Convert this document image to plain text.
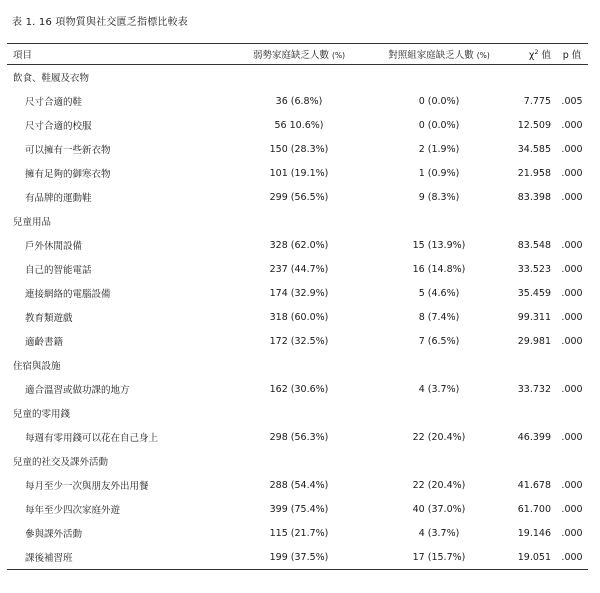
表 1. 16 項物質與社交匱乏指標比較表
項目	弱勢家庭缺乏人數 (%)	對照組家庭缺乏人數 (%)	$\chi^2$ 值	p 值
飲食、鞋履及衣物
尺寸合適的鞋	36 (6.8%)	0 (0.0%)	7.775	.005
尺寸合適的校服	56 10.6%)	0 (0.0%)	12.509	.000
可以擁有一些新衣物	150 (28.3%)	2 (1.9%)	34.585	.000
擁有足夠的御寒衣物	101 (19.1%)	1 (0.9%)	21.958	.000
有品牌的運動鞋	299 (56.5%)	9 (8.3%)	83.398	.000
兒童用品
戶外休閒設備	328 (62.0%)	15 (13.9%)	83.548	.000
自己的智能電話	237 (44.7%)	16 (14.8%)	33.523	.000
連接網絡的電腦設備	174 (32.9%)	5 (4.6%)	35.459	.000
教育類遊戲	318 (60.0%)	8 (7.4%)	99.311	.000
適齡書籍	172 (32.5%)	7 (6.5%)	29.981	.000
住宿與設施
適合溫習或做功課的地方	162 (30.6%)	4 (3.7%)	33.732	.000
兒童的零用錢
每週有零用錢可以花在自己身上	298 (56.3%)	22 (20.4%)	46.399	.000
兒童的社交及課外活動
每月至少一次與朋友外出用餐	288 (54.4%)	22 (20.4%)	41.678	.000
每年至少四次家庭外遊	399 (75.4%)	40 (37.0%)	61.700	.000
參與課外活動	115 (21.7%)	4 (3.7%)	19.146	.000
課後補習班	199 (37.5%)	17 (15.7%)	19.051	.000
